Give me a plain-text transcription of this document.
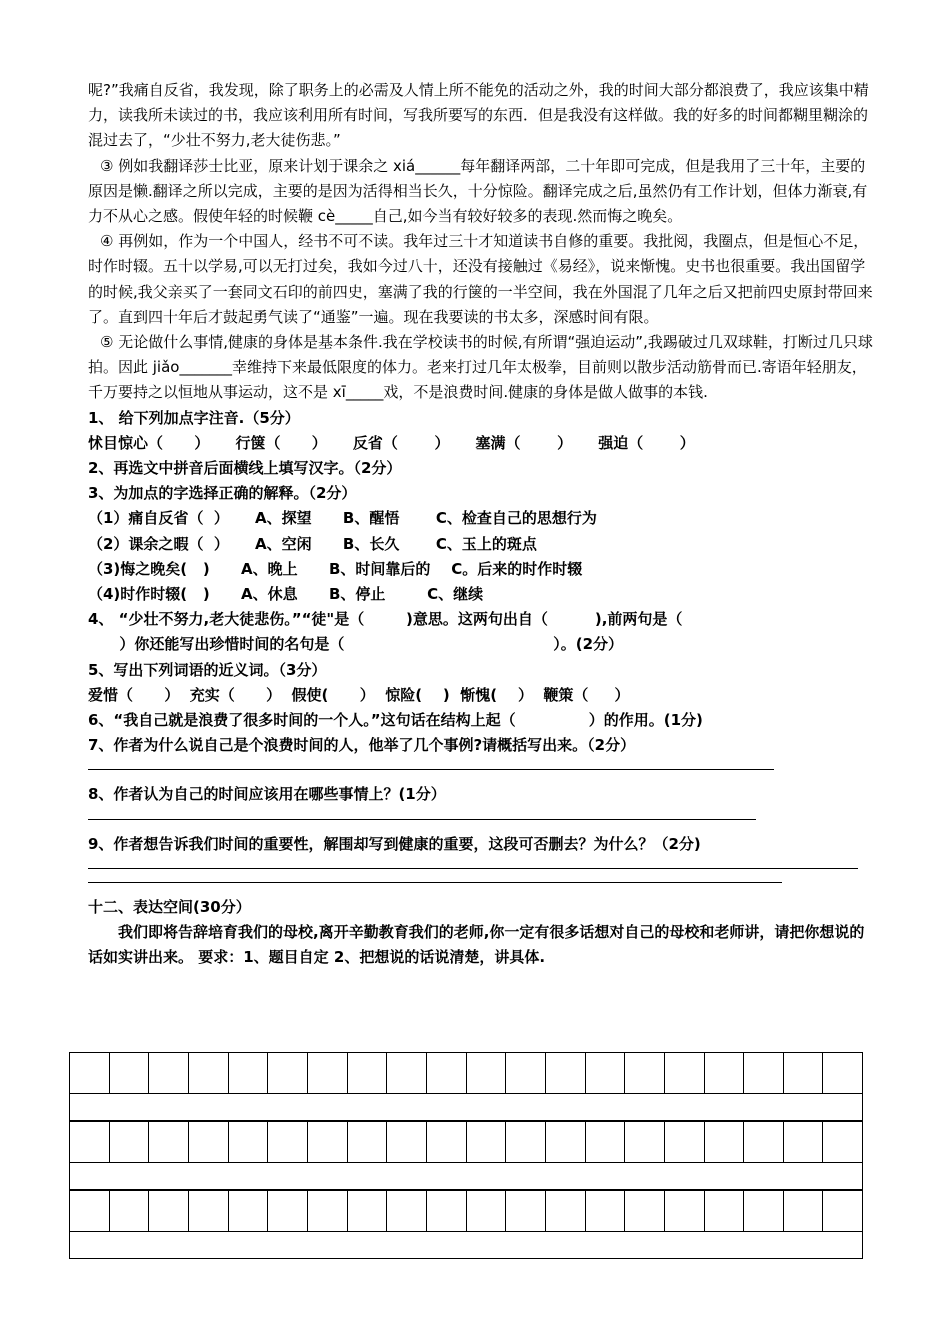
呢?”我痛自反省，我发现，除了职务上的必需及人情上所不能免的活动之外，我的时间大部分都浪费了，我应该集中精力，读我所未读过的书，我应该利用所有时间，写我所要写的东西．但是我没有这样做。我的好多的时间都糊里糊涂的混过去了，“少壮不努力,老大徒伤悲。”

③ 例如我翻译莎士比亚，原来计划于课余之 xiá______每年翻译两部，二十年即可完成，但是我用了三十年，主要的原因是懒.翻译之所以完成，主要的是因为活得相当长久，十分惊险。翻译完成之后,虽然仍有工作计划，但体力渐衰,有力不从心之感。假使年轻的时候鞭 cè_____自己,如今当有较好较多的表现.然而悔之晚矣。

④ 再例如，作为一个中国人，经书不可不读。我年过三十才知道读书自修的重要。我批阅，我圈点，但是恒心不足，时作时辍。五十以学易,可以无打过矣，我如今过八十，还没有接触过《易经》，说来惭愧。史书也很重要。我出国留学的时候,我父亲买了一套同文石印的前四史，塞满了我的行箧的一半空间，我在外国混了几年之后又把前四史原封带回来了。直到四十年后才鼓起勇气读了“通鉴”一遍。现在我要读的书太多，深感时间有限。

⑤ 无论做什么事情,健康的身体是基本条件.我在学校读书的时候,有所谓“强迫运动”,我踢破过几双球鞋，打断过几只球拍。因此 jiǎo_______幸维持下来最低限度的体力。老来打过几年太极拳，目前则以散步活动筋骨而已.寄语年轻朋友，千万要持之以恒地从事运动，这不是 xī_____戏，不是浪费时间.健康的身体是做人做事的本钱.

1、 给下列加点字注音.（5分）

怵目惊心（      ）     行箧（      ）     反省（       ）     塞满（       ）     强迫（       ）

2、再选文中拼音后面横线上填写汉字。（2分）

3、为加点的字选择正确的解释。（2分）

（1）痛自反省（  ）     A、探望      B、醒悟       C、检查自己的思想行为

（2）课余之暇（  ）     A、空闲      B、长久       C、玉上的斑点

（3)悔之晚矣(   )      A、晚上      B、时间靠后的    C。后来的时作时辍

（4)时作时辍(   )      A、休息      B、停止        C、继续

4、 “少壮不努力,老大徒悲伤。”“徒"是（        )意思。这两句出自（         ),前两句是（

）你还能写出珍惜时间的名句是（                                        ）。(2分）

5、写出下列词语的近义词。（3分）

爱惜（      ）  充实（      ）  假使(      ）  惊险(    )  惭愧(    ）  鞭策（     ）

6、“我自己就是浪费了很多时间的一个人。”这句话在结构上起（              ）的作用。(1分)

7、作者为什么说自己是个浪费时间的人，他举了几个事例?请概括写出来。（2分）

8、作者认为自己的时间应该用在哪些事情上？(1分）

9、作者想告诉我们时间的重要性，解围却写到健康的重要，这段可否删去？为什么？（2分)

十二、表达空间(30分）

我们即将告辞培育我们的母校,离开辛勤教育我们的老师,你一定有很多话想对自己的母校和老师讲，请把你想说的话如实讲出来。 要求：1、题目自定 2、把想说的话说清楚，讲具体.
